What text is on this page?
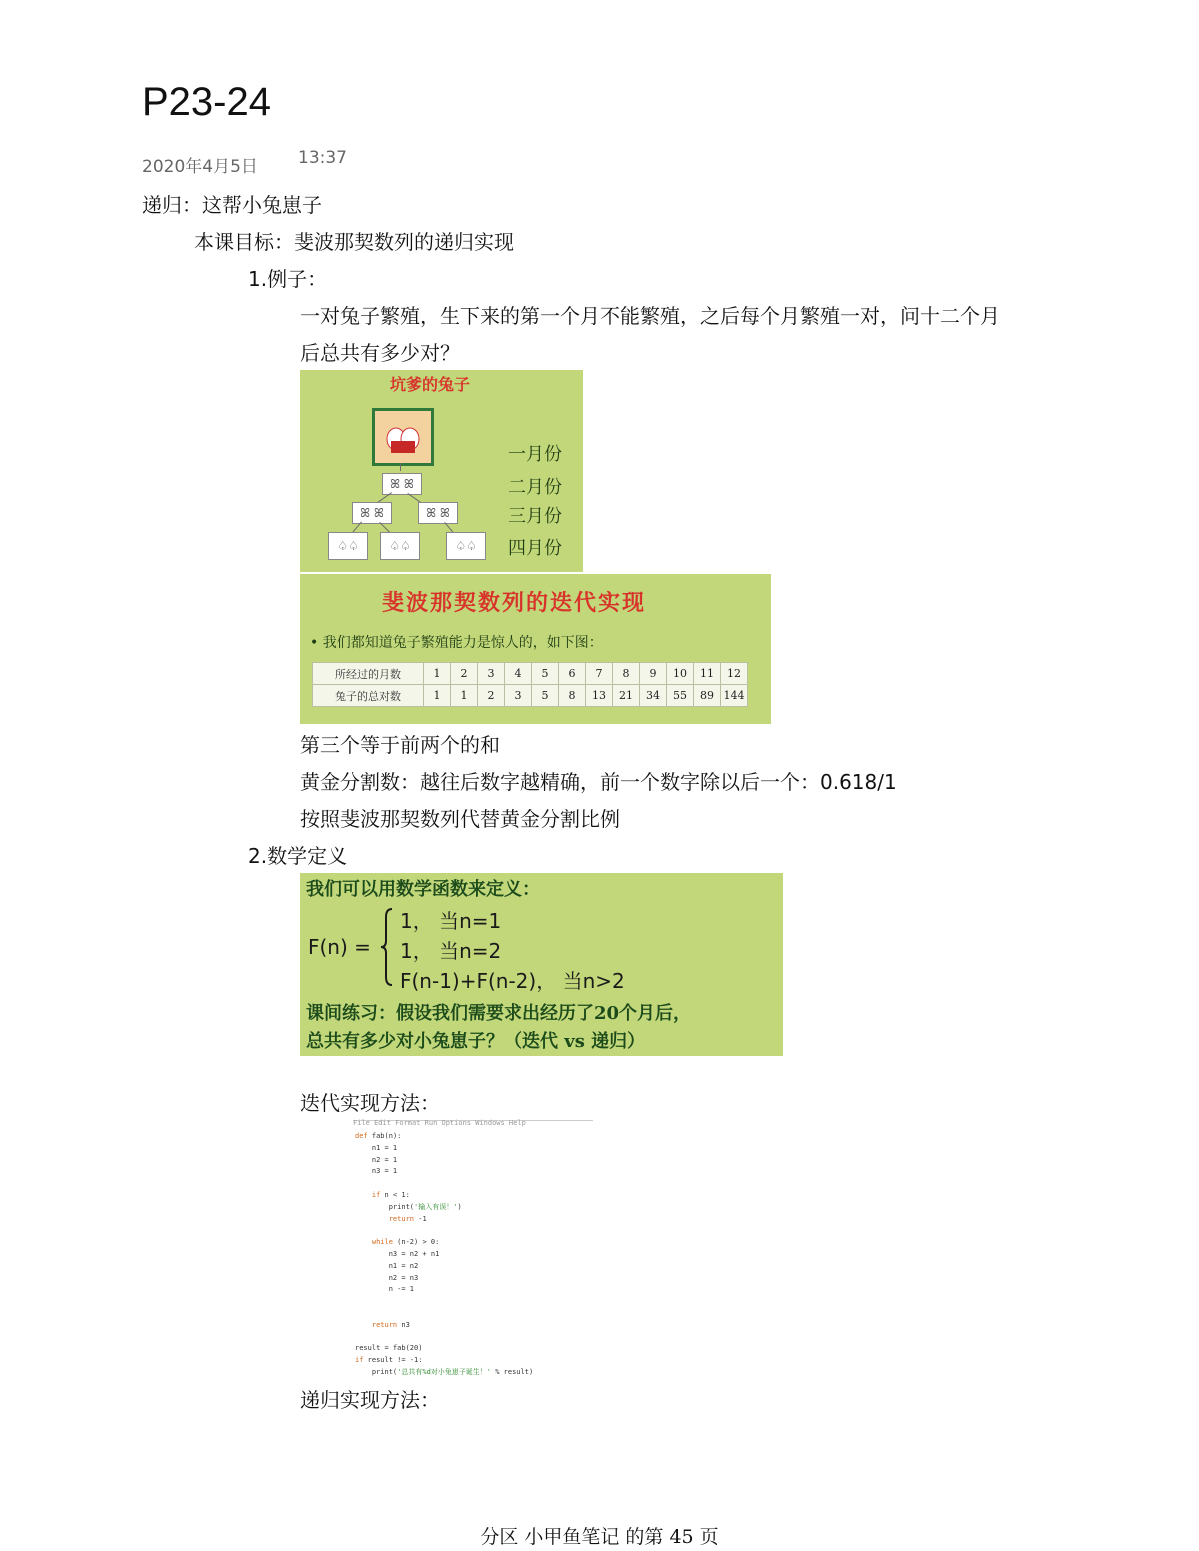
P23-24
2020年4月5日 13:37
递归：这帮小兔崽子
本课目标：斐波那契数列的递归实现
1.例子：
一对兔子繁殖，生下来的第一个月不能繁殖，之后每个月繁殖一对，问十二个月
后总共有多少对？
坑爹的兔子
ꕤ ꕤ
ꕤ ꕤ	ꕤ ꕤ
♤♤	♤♤	♤♤
一月份
二月份
三月份
四月份
斐波那契数列的迭代实现
• 我们都知道兔子繁殖能力是惊人的，如下图：
所经过的月数	1	2	3	4	5	6	7	8	9	10	11	12
兔子的总对数	1	1	2	3	5	8	13	21	34	55	89	144
第三个等于前两个的和
黄金分割数：越往后数字越精确，前一个数字除以后一个：0.618/1
按照斐波那契数列代替黄金分割比例
2.数学定义
我们可以用数学函数来定义：
F(n) =
1， 当n=1
1， 当n=2
F(n-1)+F(n-2)， 当n>2
课间练习：假设我们需要求出经历了20个月后，
总共有多少对小兔崽子？（迭代 vs 递归）
迭代实现方法：
File Edit Format Run Options Windows Help
def fab(n):
n1 = 1
n2 = 1
n3 = 1

if n < 1:
print('输入有误！')
return -1

while (n-2) > 0:
n3 = n2 + n1
n1 = n2
n2 = n3
n -= 1

return n3

result = fab(20)
if result != -1:
print('总共有%d对小兔崽子诞生！' % result)
递归实现方法：
分区 小甲鱼笔记 的第 45 页
